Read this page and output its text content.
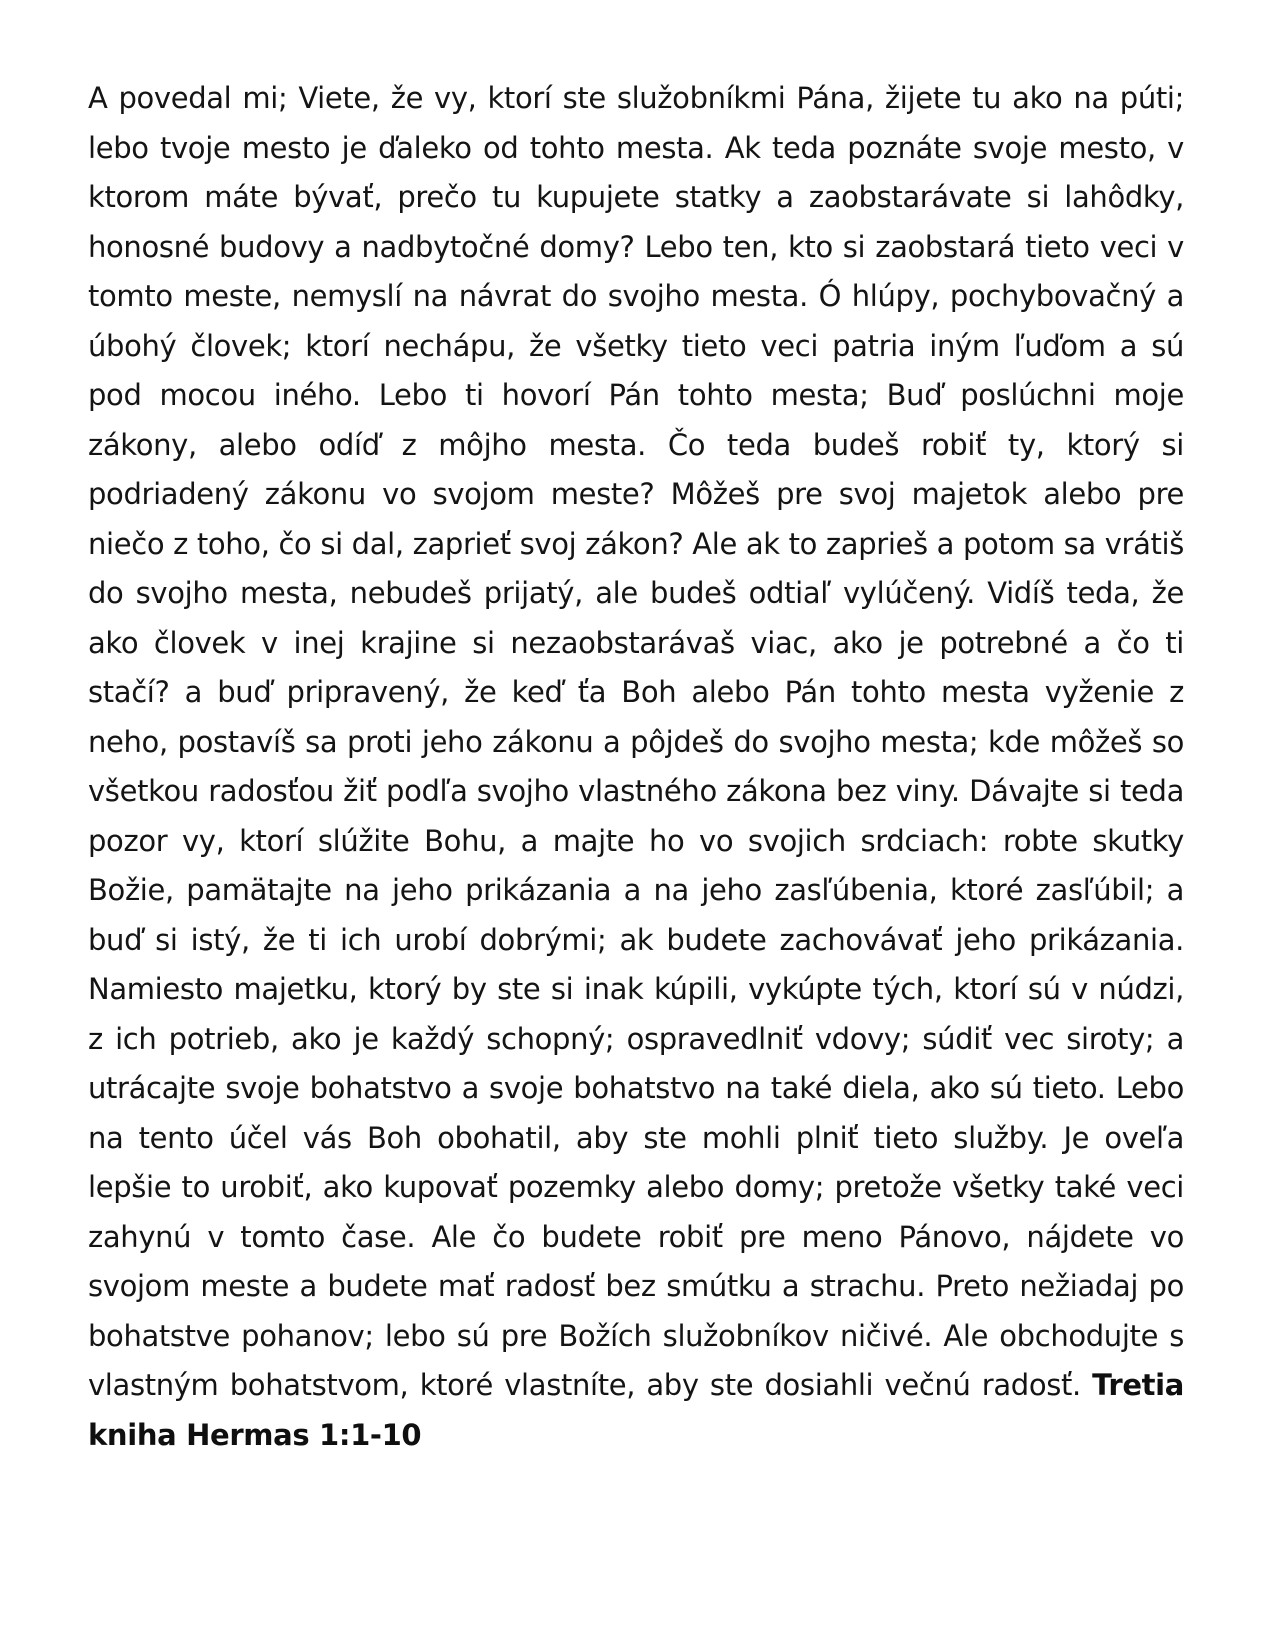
A povedal mi; Viete, že vy, ktorí ste služobníkmi Pána, žijete tu ako na púti; lebo tvoje mesto je ďaleko od tohto mesta. Ak teda poznáte svoje mesto, v ktorom máte bývať, prečo tu kupujete statky a zaobstarávate si lahôdky, honosné budovy a nadbytočné domy? Lebo ten, kto si zaobstará tieto veci v tomto meste, nemyslí na návrat do svojho mesta. Ó hlúpy, pochybovačný a úbohý človek; ktorí nechápu, že všetky tieto veci patria iným ľuďom a sú pod mocou iného. Lebo ti hovorí Pán tohto mesta; Buď poslúchni moje zákony, alebo odíď z môjho mesta. Čo teda budeš robiť ty, ktorý si podriadený zákonu vo svojom meste? Môžeš pre svoj majetok alebo pre niečo z toho, čo si dal, zaprieť svoj zákon? Ale ak to zaprieš a potom sa vrátiš do svojho mesta, nebudeš prijatý, ale budeš odtiaľ vylúčený. Vidíš teda, že ako človek v inej krajine si nezaobstarávaš viac, ako je potrebné a čo ti stačí? a buď pripravený, že keď ťa Boh alebo Pán tohto mesta vyženie z neho, postavíš sa proti jeho zákonu a pôjdeš do svojho mesta; kde môžeš so všetkou radosťou žiť podľa svojho vlastného zákona bez viny. Dávajte si teda pozor vy, ktorí slúžite Bohu, a majte ho vo svojich srdciach: robte skutky Božie, pamätajte na jeho prikázania a na jeho zasľúbenia, ktoré zasľúbil; a buď si istý, že ti ich urobí dobrými; ak budete zachovávať jeho prikázania. Namiesto majetku, ktorý by ste si inak kúpili, vykúpte tých, ktorí sú v núdzi, z ich potrieb, ako je každý schopný; ospravedlniť vdovy; súdiť vec siroty; a utrácajte svoje bohatstvo a svoje bohatstvo na také diela, ako sú tieto. Lebo na tento účel vás Boh obohatil, aby ste mohli plniť tieto služby. Je oveľa lepšie to urobiť, ako kupovať pozemky alebo domy; pretože všetky také veci zahynú v tomto čase. Ale čo budete robiť pre meno Pánovo, nájdete vo svojom meste a budete mať radosť bez smútku a strachu. Preto nežiadaj po bohatstve pohanov; lebo sú pre Božích služobníkov ničivé. Ale obchodujte s vlastným bohatstvom, ktoré vlastníte, aby ste dosiahli večnú radosť. Tretia kniha Hermas 1:1-10
